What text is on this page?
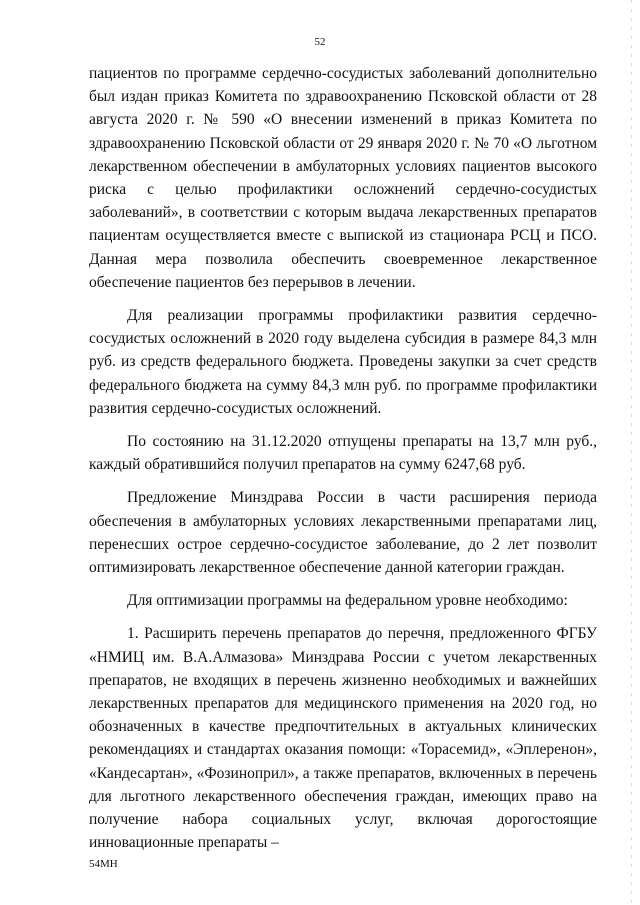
52

пациентов по программе сердечно-сосудистых заболеваний дополнительно был издан приказ Комитета по здравоохранению Псковской области от 28 августа 2020 г. № 590 «О внесении изменений в приказ Комитета по здравоохранению Псковской области от 29 января 2020 г. № 70 «О льготном лекарственном обеспечении в амбулаторных условиях пациентов высокого риска с целью профилактики осложнений сердечно-сосудистых заболеваний», в соответствии с которым выдача лекарственных препаратов пациентам осуществляется вместе с выпиской из стационара РСЦ и ПСО. Данная мера позволила обеспечить своевременное лекарственное обеспечение пациентов без перерывов в лечении.

Для реализации программы профилактики развития сердечно-сосудистых осложнений в 2020 году выделена субсидия в размере 84,3 млн руб. из средств федерального бюджета. Проведены закупки за счет средств федерального бюджета на сумму 84,3 млн руб. по программе профилактики развития сердечно-сосудистых осложнений.

По состоянию на 31.12.2020 отпущены препараты на 13,7 млн руб., каждый обратившийся получил препаратов на сумму 6247,68 руб.

Предложение Минздрава России в части расширения периода обеспечения в амбулаторных условиях лекарственными препаратами лиц, перенесших острое сердечно-сосудистое заболевание, до 2 лет позволит оптимизировать лекарственное обеспечение данной категории граждан.

Для оптимизации программы на федеральном уровне необходимо:

1. Расширить перечень препаратов до перечня, предложенного ФГБУ «НМИЦ им. В.А.Алмазова» Минздрава России с учетом лекарственных препаратов, не входящих в перечень жизненно необходимых и важнейших лекарственных препаратов для медицинского применения на 2020 год, но обозначенных в качестве предпочтительных в актуальных клинических рекомендациях и стандартах оказания помощи: «Торасемид», «Эплеренон», «Кандесартан», «Фозиноприл», а также препаратов, включенных в перечень для льготного лекарственного обеспечения граждан, имеющих право на получение набора социальных услуг, включая дорогостоящие инновационные препараты –

54МН
